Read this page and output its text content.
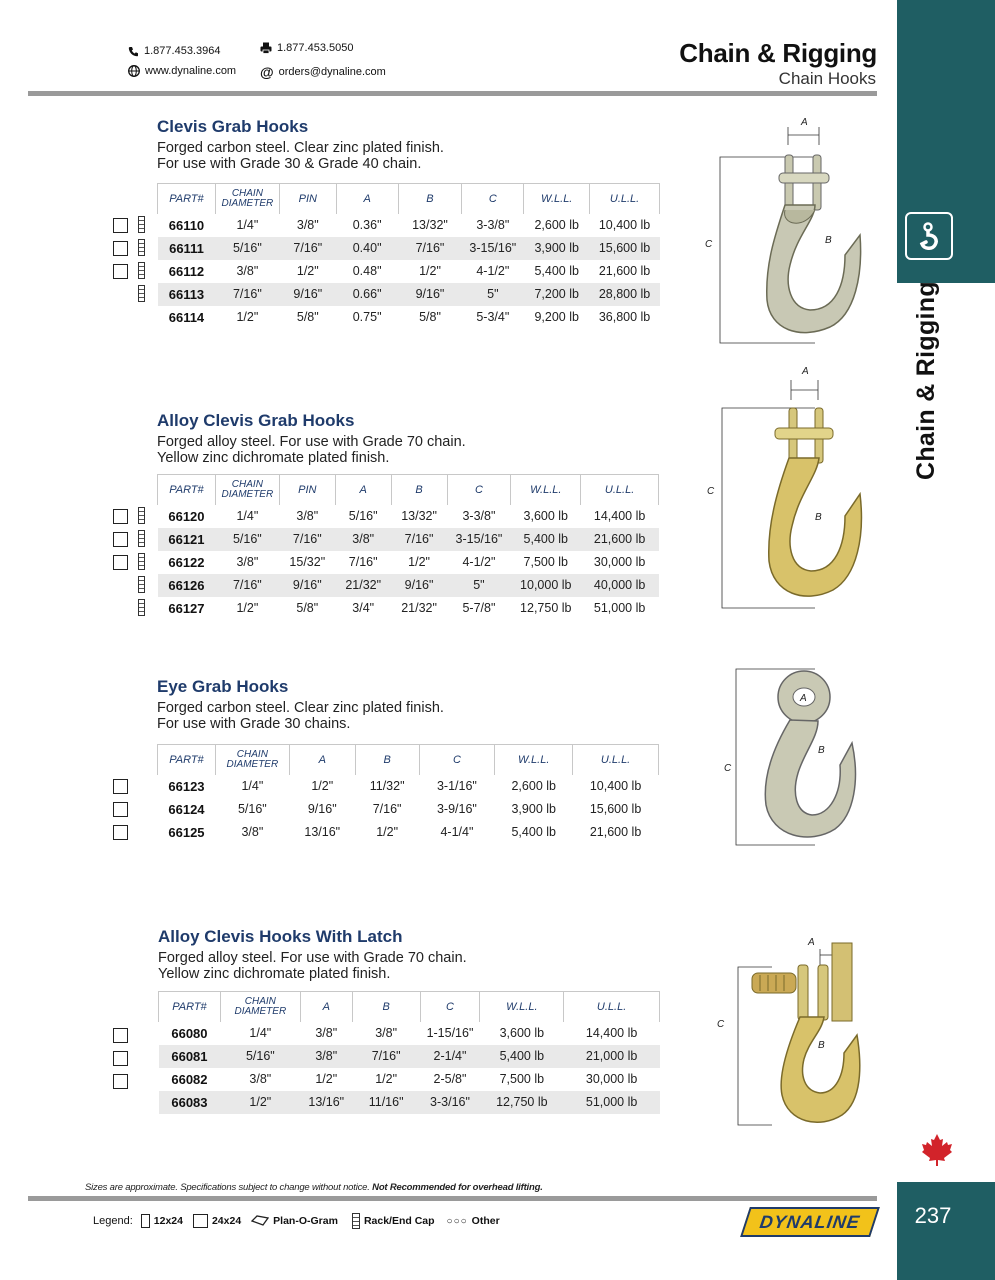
Chain & Rigging
237
1.877.453.3964	1.877.453.5050
www.dynaline.com @ orders@dynaline.com
Chain & Rigging
Chain Hooks
Clevis Grab Hooks
Forged carbon steel. Clear zinc plated finish.
For use with Grade 30 & Grade 40 chain.
PART#	CHAIN
DIAMETER	PIN	A	B	C	W.L.L.	U.L.L.
66110	1/4"	3/8"	0.36"	13/32"	3-3/8"	2,600 lb	10,400 lb
66111	5/16"	7/16"	0.40"	7/16"	3-15/16"	3,900 lb	15,600 lb
66112	3/8"	1/2"	0.48"	1/2"	4-1/2"	5,400 lb	21,600 lb
66113	7/16"	9/16"	0.66"	9/16"	5"	7,200 lb	28,800 lb
66114	1/2"	5/8"	0.75"	5/8"	5-3/4"	9,200 lb	36,800 lb
A
B
C
Alloy Clevis Grab Hooks
Forged alloy steel. For use with Grade 70 chain.
Yellow zinc dichromate plated finish.
PART#	CHAIN
DIAMETER	PIN	A	B	C	W.L.L.	U.L.L.
66120	1/4"	3/8"	5/16"	13/32"	3-3/8"	3,600 lb	14,400 lb
66121	5/16"	7/16"	3/8"	7/16"	3-15/16"	5,400 lb	21,600 lb
66122	3/8"	15/32"	7/16"	1/2"	4-1/2"	7,500 lb	30,000 lb
66126	7/16"	9/16"	21/32"	9/16"	5"	10,000 lb	40,000 lb
66127	1/2"	5/8"	3/4"	21/32"	5-7/8"	12,750 lb	51,000 lb
A
B
C
Eye Grab Hooks
Forged carbon steel. Clear zinc plated finish.
For use with Grade 30 chains.
PART#	CHAIN
DIAMETER	A	B	C	W.L.L.	U.L.L.
66123	1/4"	1/2"	11/32"	3-1/16"	2,600 lb	10,400 lb
66124	5/16"	9/16"	7/16"	3-9/16"	3,900 lb	15,600 lb
66125	3/8"	13/16"	1/2"	4-1/4"	5,400 lb	21,600 lb
A
B
C
Alloy Clevis Hooks With Latch
Forged alloy steel. For use with Grade 70 chain.
Yellow zinc dichromate plated finish.
PART#	CHAIN
DIAMETER	A	B	C	W.L.L.	U.L.L.
66080	1/4"	3/8"	3/8"	1-15/16"	3,600 lb	14,400 lb
66081	5/16"	3/8"	7/16"	2-1/4"	5,400 lb	21,000 lb
66082	3/8"	1/2"	1/2"	2-5/8"	7,500 lb	30,000 lb
66083	1/2"	13/16"	11/16"	3-3/16"	12,750 lb	51,000 lb
A
B
C
Sizes are approximate. Specifications subject to change without notice. Not Recommended for overhead lifting.
Legend: 12x24	24x24	Plan-O-Gram Rack/End Cap ○○○ Other	DYNALINE
